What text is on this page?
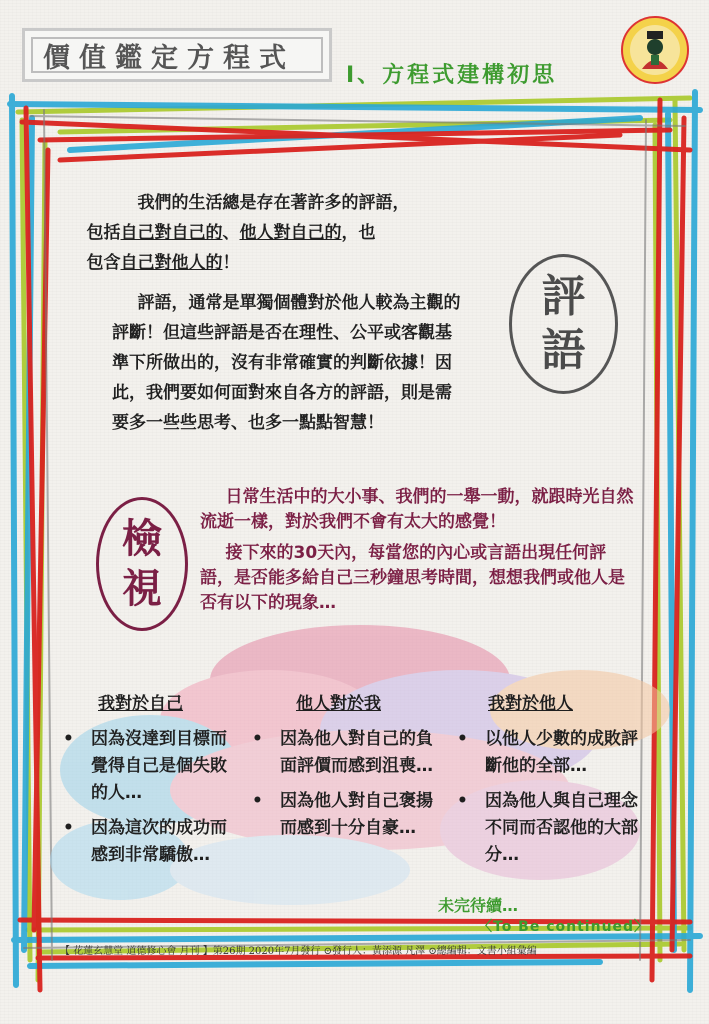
價值鑑定方程式
Ⅰ、方程式建構初思

我們的生活總是存在著許多的評語，
包括自己對自己的、他人對自己的，也
包含自己對他人的！

評語，通常是單獨個體對於他人較為主觀的評斷！但這些評語是否在理性、公平或客觀基準下所做出的，沒有非常確實的判斷依據！因此，我們要如何面對來自各方的評語，則是需要多一些些思考、也多一點點智慧！

評
語
檢
視

日常生活中的大小事、我們的一舉一動，就跟時光自然流逝一樣，對於我們不會有太大的感覺！

接下來的30天內，每當您的內心或言語出現任何評語，是否能多給自己三秒鐘思考時間，想想我們或他人是否有以下的現象…

我對於自己	他人對於我	我對於他人
• 因為沒達到目標而覺得自己是個失敗的人…
• 因為這次的成功而感到非常驕傲…
• 因為他人對自己的負面評價而感到沮喪…
• 因為他人對自己褒揚而感到十分自豪…
• 以他人少數的成敗評斷他的全部…
• 因為他人與自己理念不同而否認他的大部分…
未完待續…
〈To Be continued〉
【 花蓮玄慧堂 道德修心會 月刊 】第26期 2020年7月發行 ⊙發行人：黃添源 凡澤 ⊙總編輯：文書小組彙編
